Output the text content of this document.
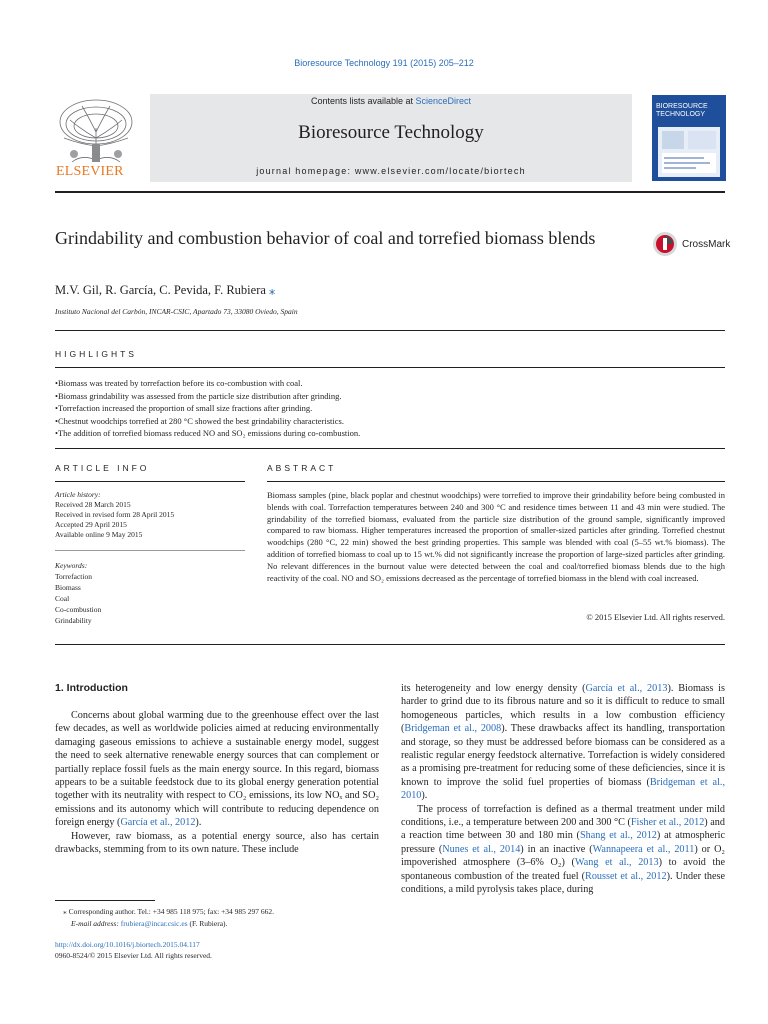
Bioresource Technology 191 (2015) 205–212
ELSEVIER
Contents lists available at ScienceDirect
Bioresource Technology
journal homepage: www.elsevier.com/locate/biortech
BIORESOURCE TECHNOLOGY
Grindability and combustion behavior of coal and torrefied biomass blends	CrossMark
M.V. Gil, R. García, C. Pevida, F. Rubiera ⁎
Instituto Nacional del Carbón, INCAR-CSIC, Apartado 73, 33080 Oviedo, Spain
HIGHLIGHTS
• Biomass was treated by torrefaction before its co-combustion with coal.
• Biomass grindability was assessed from the particle size distribution after grinding.
• Torrefaction increased the proportion of small size fractions after grinding.
• Chestnut woodchips torrefied at 280 °C showed the best grindability characteristics.
• The addition of torrefied biomass reduced NO and SO₂ emissions during co-combustion.
ARTICLE INFO	ABSTRACT
Article history:
Received 28 March 2015
Received in revised form 28 April 2015
Accepted 29 April 2015
Available online 9 May 2015
Keywords:
Torrefaction
Biomass
Coal
Co-combustion
Grindability
Biomass samples (pine, black poplar and chestnut woodchips) were torrefied to improve their grindability before being combusted in blends with coal. Torrefaction temperatures between 240 and 300 °C and residence times between 11 and 43 min were studied. The grindability of the torrefied biomass, evaluated from the particle size distribution of the ground sample, significantly improved compared to raw biomass. Higher temperatures increased the proportion of smaller-sized particles after grinding. Torrefied chestnut woodchips (280 °C, 22 min) showed the best grinding properties. This sample was blended with coal (5–55 wt.% biomass). The addition of torrefied biomass to coal up to 15 wt.% did not significantly increase the proportion of large-sized particles after grinding. No relevant differences in the burnout value were detected between the coal and coal/torrefied biomass blends due to the high reactivity of the coal. NO and SO₂ emissions decreased as the percentage of torrefied biomass in the blend with coal increased.
© 2015 Elsevier Ltd. All rights reserved.
1. Introduction

Concerns about global warming due to the greenhouse effect over the last few decades, as well as worldwide policies aimed at reducing environmentally damaging gaseous emissions to achieve a sustainable energy model, suggest the need to seek alternative renewable energy sources that can complement or partially replace fossil fuels as the main energy source. In this regard, biomass appears to be a suitable feedstock due to its global energy generation potential together with its neutrality with respect to CO₂ emissions, its low NOₓ and SO₂ emissions and its autonomy which will contribute to reducing dependence on foreign energy (García et al., 2012).

However, raw biomass, as a potential energy source, also has certain drawbacks, stemming from to its own nature. These include

its heterogeneity and low energy density (García et al., 2013). Biomass is harder to grind due to its fibrous nature and so it is difficult to reduce to small homogeneous particles, which results in a low combustion efficiency (Bridgeman et al., 2008). These drawbacks affect its handling, transportation and storage, so they must be addressed before biomass can be considered as a realistic regular energy feedstock alternative. Torrefaction is widely considered as a promising pre-treatment for reducing some of these deficiencies, since it is known to improve the solid fuel properties of biomass (Bridgeman et al., 2010).

The process of torrefaction is defined as a thermal treatment under mild conditions, i.e., a temperature between 200 and 300 °C (Fisher et al., 2012) and a reaction time between 30 and 180 min (Shang et al., 2012) at atmospheric pressure (Nunes et al., 2014) in an inactive (Wannapeera et al., 2011) or O₂ impoverished atmosphere (3–6% O₂) (Wang et al., 2013) to avoid the spontaneous combustion of the treated fuel (Rousset et al., 2012). Under these conditions, a mild pyrolysis takes place, during

⁎ Corresponding author. Tel.: +34 985 118 975; fax: +34 985 297 662.
E-mail address: frubiera@incar.csic.es (F. Rubiera).
http://dx.doi.org/10.1016/j.biortech.2015.04.117
0960-8524/© 2015 Elsevier Ltd. All rights reserved.
